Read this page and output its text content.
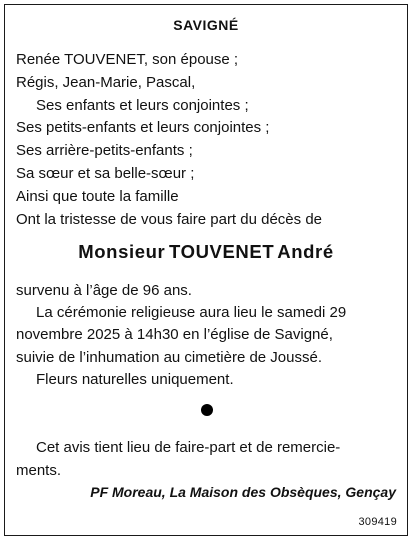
SAVIGNÉ
Renée TOUVENET, son épouse ;
Régis, Jean-Marie, Pascal,
Ses enfants et leurs conjointes ;
Ses petits-enfants et leurs conjointes ;
Ses arrière-petits-enfants ;
Sa sœur et sa belle-sœur ;
Ainsi que toute la famille
Ont la tristesse de vous faire part du décès de
Monsieur TOUVENET André
survenu à l’âge de 96 ans.
La cérémonie religieuse aura lieu le samedi 29
novembre 2025 à 14h30 en l’église de Savigné,
suivie de l’inhumation au cimetière de Joussé.
Fleurs naturelles uniquement.
Cet avis tient lieu de faire-part et de remercie-
ments.
PF Moreau, La Maison des Obsèques, Gençay
309419
